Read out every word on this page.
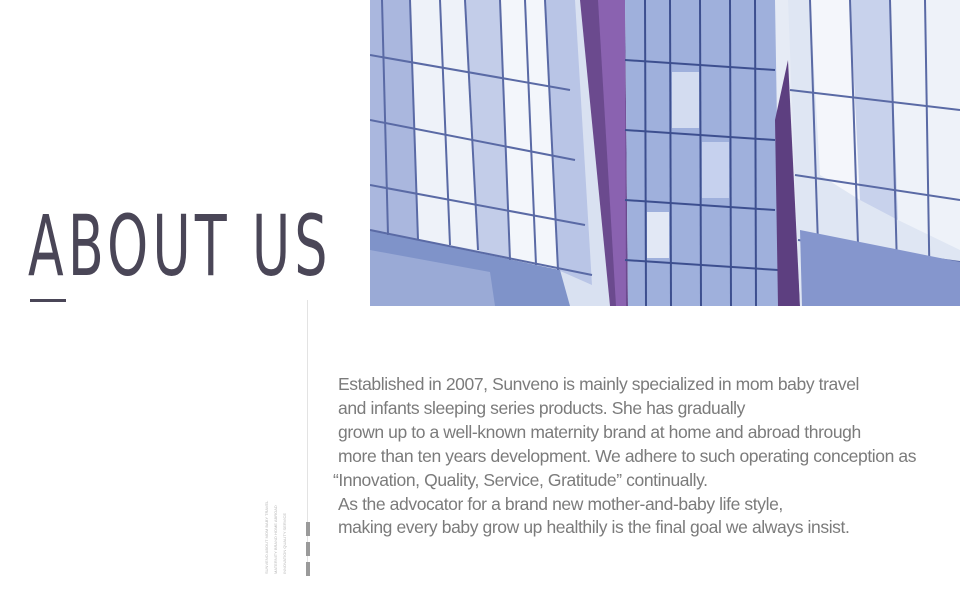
ABOUT US
SUNVENO ABOUT MOM BABY TRAVEL	MATERNITY BRAND HOME ABROAD	INNOVATION QUALITY SERVICE
Established in 2007, Sunveno is mainly specialized in mom baby travel
and infants sleeping series products. She has gradually
grown up to a well-known maternity brand at home and abroad through
more than ten years development. We adhere to such operating conception as
“Innovation, Quality, Service, Gratitude” continually.
As the advocator for a brand new mother-and-baby life style,
making every baby grow up healthily is the final goal we always insist.
